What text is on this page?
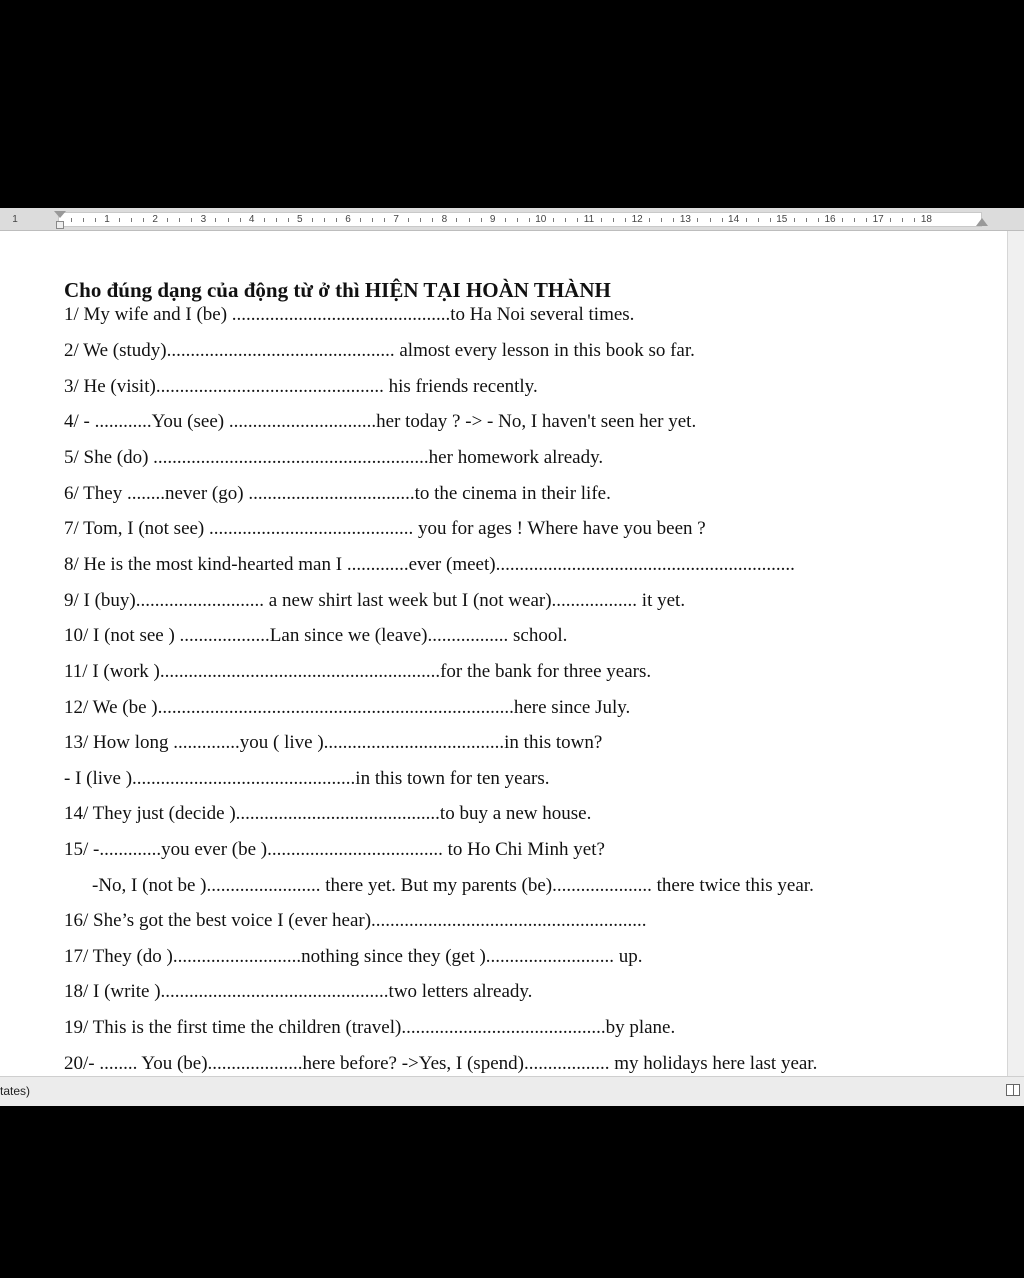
1	1	2	3	4	5	6	7	8	9	10	11	12	13	14	15	16	17	18
Cho đúng dạng của động từ ở thì HIỆN TẠI HOÀN THÀNH
1/ My wife and I (be) ..............................................to Ha Noi several times.
2/ We (study)................................................ almost every lesson in this book so far.
3/ He (visit)................................................ his friends recently.
4/ - ............You (see) ...............................her today ? -> - No, I haven't seen her yet.
5/ She (do) ..........................................................her homework already.
6/ They ........never (go) ...................................to the cinema in their life.
7/ Tom, I (not see) ........................................... you for ages ! Where have you been ?
8/ He is the most kind-hearted man I .............ever (meet)...............................................................
9/ I (buy)........................... a new shirt last week but I (not wear).................. it yet.
10/ I (not see ) ...................Lan since we (leave)................. school.
11/ I (work )...........................................................for the bank for three years.
12/ We (be )...........................................................................here since July.
13/ How long ..............you ( live )......................................in this town?
- I (live )...............................................in this town for ten years.
14/ They just (decide )...........................................to buy a new house.
15/ -.............you ever (be )..................................... to Ho Chi Minh yet?
-No, I (not be )........................ there yet. But my parents (be)..................... there twice this year.
16/ She’s got the best voice I (ever hear)..........................................................
17/ They (do )...........................nothing since they (get )........................... up.
18/ I (write )................................................two letters already.
19/ This is the first time the children (travel)...........................................by plane.
20/- ........ You (be)....................here before? ->Yes, I (spend).................. my holidays here last year.
tates)
